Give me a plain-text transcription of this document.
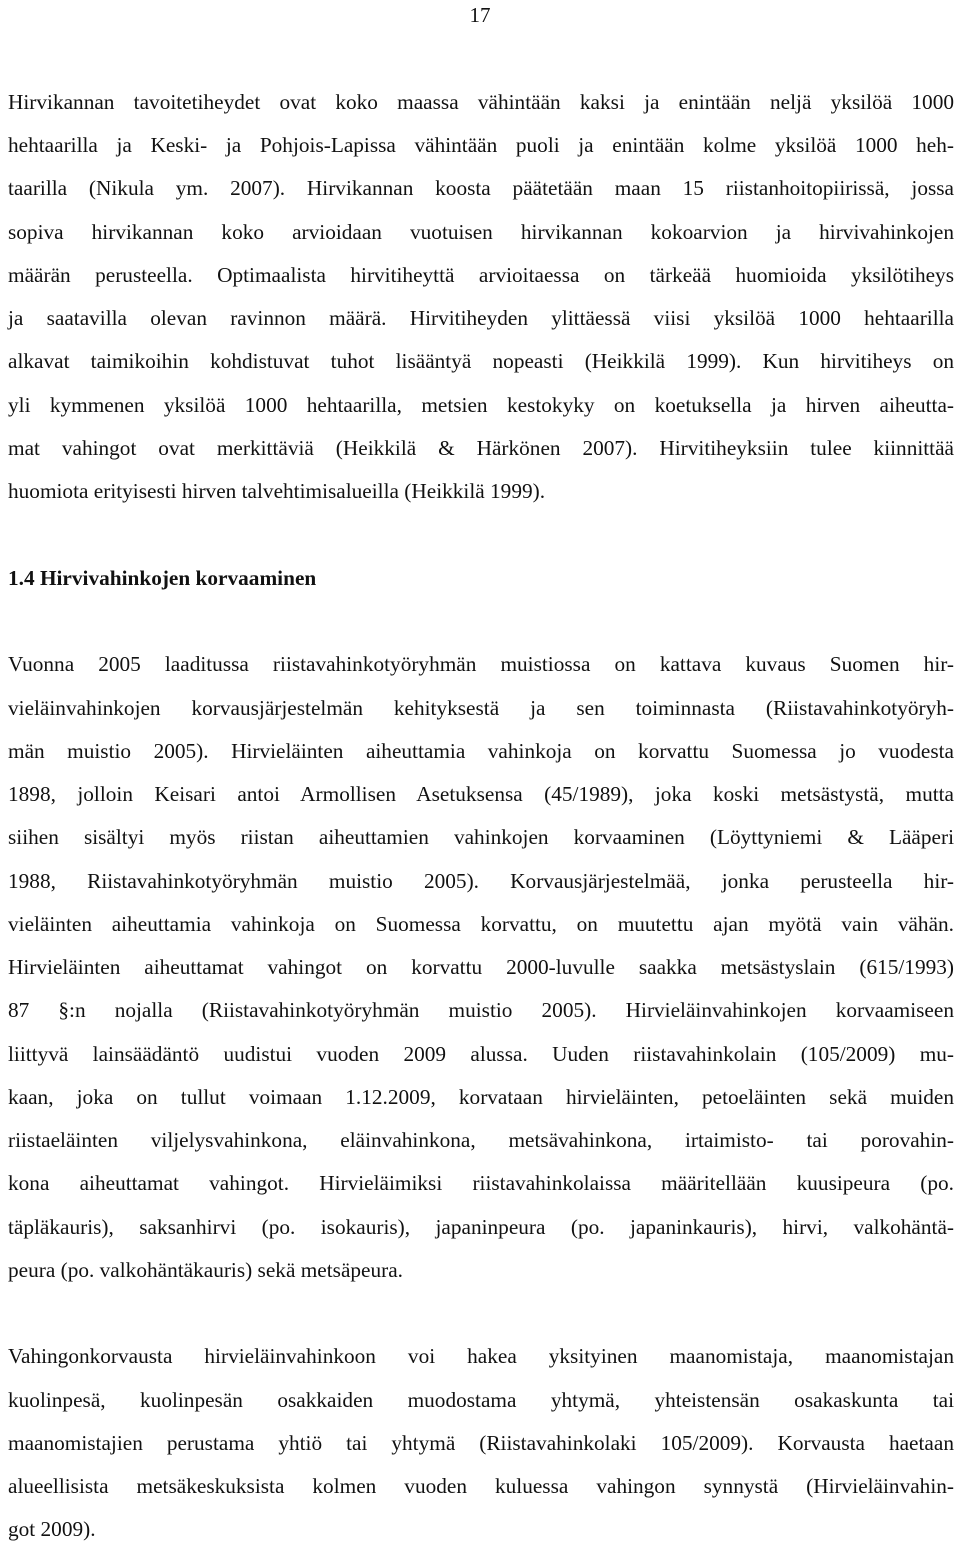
17
Hirvikannan tavoitetiheydet ovat koko maassa vähintään kaksi ja enintään neljä yksilöä 1000
hehtaarilla ja Keski- ja Pohjois-Lapissa vähintään puoli ja enintään kolme yksilöä 1000 heh-
taarilla (Nikula ym. 2007). Hirvikannan koosta päätetään maan 15 riistanhoitopiirissä, jossa
sopiva hirvikannan koko arvioidaan vuotuisen hirvikannan kokoarvion ja hirvivahinkojen
määrän perusteella. Optimaalista hirvitiheyttä arvioitaessa on tärkeää huomioida yksilötiheys
ja saatavilla olevan ravinnon määrä. Hirvitiheyden ylittäessä viisi yksilöä 1000 hehtaarilla
alkavat taimikoihin kohdistuvat tuhot lisääntyä nopeasti (Heikkilä 1999). Kun hirvitiheys on
yli kymmenen yksilöä 1000 hehtaarilla, metsien kestokyky on koetuksella ja hirven aiheutta-
mat vahingot ovat merkittäviä (Heikkilä & Härkönen 2007). Hirvitiheyksiin tulee kiinnittää
huomiota erityisesti hirven talvehtimisalueilla (Heikkilä 1999).
1.4 Hirvivahinkojen korvaaminen
Vuonna 2005 laaditussa riistavahinkotyöryhmän muistiossa on kattava kuvaus Suomen hir-
vieläinvahinkojen korvausjärjestelmän kehityksestä ja sen toiminnasta (Riistavahinkotyöryh-
män muistio 2005). Hirvieläinten aiheuttamia vahinkoja on korvattu Suomessa jo vuodesta
1898, jolloin Keisari antoi Armollisen Asetuksensa (45/1989), joka koski metsästystä, mutta
siihen sisältyi myös riistan aiheuttamien vahinkojen korvaaminen (Löyttyniemi & Lääperi
1988, Riistavahinkotyöryhmän muistio 2005). Korvausjärjestelmää, jonka perusteella hir-
vieläinten aiheuttamia vahinkoja on Suomessa korvattu, on muutettu ajan myötä vain vähän.
Hirvieläinten aiheuttamat vahingot on korvattu 2000-luvulle saakka metsästyslain (615/1993)
87 §:n nojalla (Riistavahinkotyöryhmän muistio 2005). Hirvieläinvahinkojen korvaamiseen
liittyvä lainsäädäntö uudistui vuoden 2009 alussa. Uuden riistavahinkolain (105/2009) mu-
kaan, joka on tullut voimaan 1.12.2009, korvataan hirvieläinten, petoeläinten sekä muiden
riistaeläinten viljelysvahinkona, eläinvahinkona, metsävahinkona, irtaimisto- tai porovahin-
kona aiheuttamat vahingot. Hirvieläimiksi riistavahinkolaissa määritellään kuusipeura (po.
täpläkauris), saksanhirvi (po. isokauris), japaninpeura (po. japaninkauris), hirvi, valkohäntä-
peura (po. valkohäntäkauris) sekä metsäpeura.
Vahingonkorvausta hirvieläinvahinkoon voi hakea yksityinen maanomistaja, maanomistajan
kuolinpesä, kuolinpesän osakkaiden muodostama yhtymä, yhteistensän osakaskunta tai
maanomistajien perustama yhtiö tai yhtymä (Riistavahinkolaki 105/2009). Korvausta haetaan
alueellisista metsäkeskuksista kolmen vuoden kuluessa vahingon synnystä (Hirvieläinvahin-
got 2009).
